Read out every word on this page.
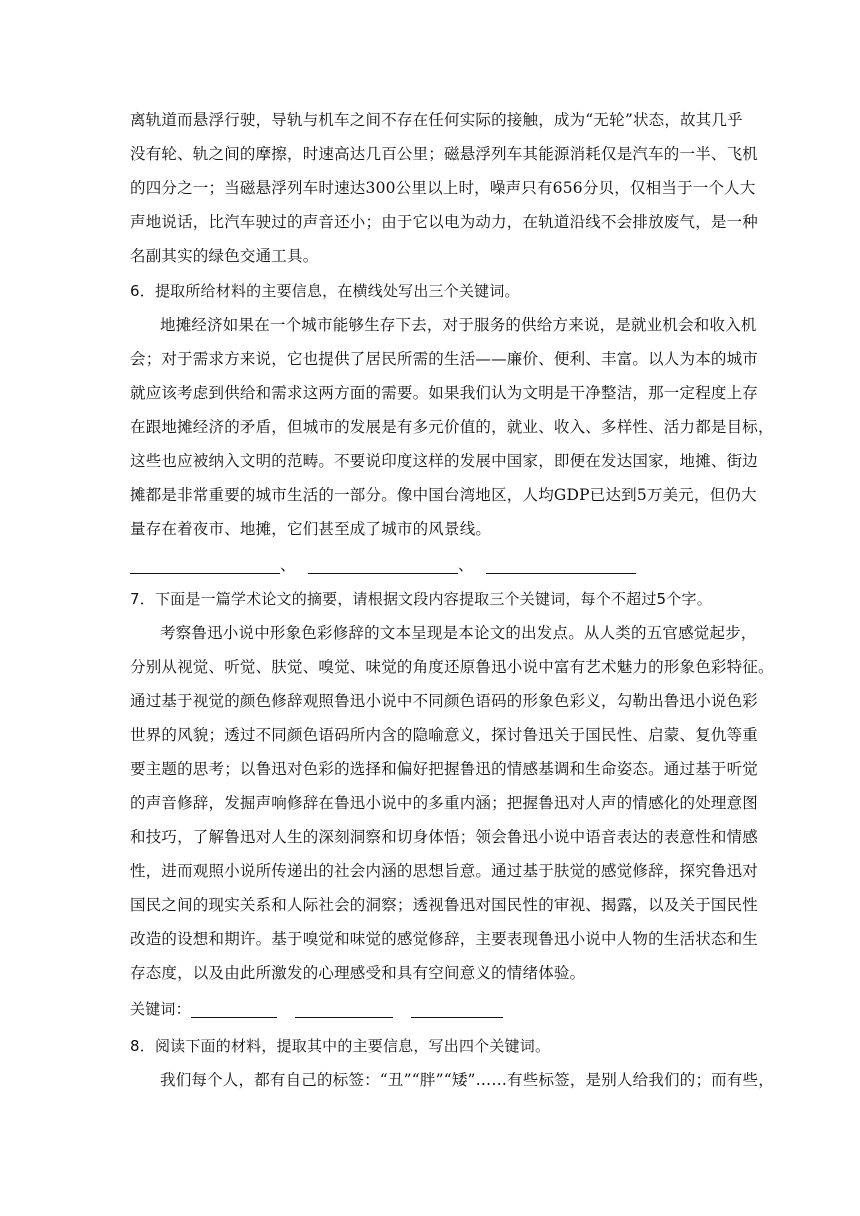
离轨道而悬浮行驶，导轨与机车之间不存在任何实际的接触，成为“无轮”状态，故其几乎
没有轮、轨之间的摩擦，时速高达几百公里；磁悬浮列车其能源消耗仅是汽车的一半、飞机
的四分之一；当磁悬浮列车时速达300公里以上时，噪声只有656分贝，仅相当于一个人大
声地说话，比汽车驶过的声音还小；由于它以电为动力，在轨道沿线不会排放废气，是一种
名副其实的绿色交通工具。
6．提取所给材料的主要信息，在横线处写出三个关键词。
地摊经济如果在一个城市能够生存下去，对于服务的供给方来说，是就业机会和收入机
会；对于需求方来说，它也提供了居民所需的生活——廉价、便利、丰富。以人为本的城市
就应该考虑到供给和需求这两方面的需要。如果我们认为文明是干净整洁，那一定程度上存
在跟地摊经济的矛盾，但城市的发展是有多元价值的，就业、收入、多样性、活力都是目标，
这些也应被纳入文明的范畴。不要说印度这样的发展中国家，即便在发达国家，地摊、街边
摊都是非常重要的城市生活的一部分。像中国台湾地区，人均GDP已达到5万美元，但仍大
量存在着夜市、地摊，它们甚至成了城市的风景线。
、	、
7．下面是一篇学术论文的摘要，请根据文段内容提取三个关键词，每个不超过5个字。
考察鲁迅小说中形象色彩修辞的文本呈现是本论文的出发点。从人类的五官感觉起步，
分别从视觉、听觉、肤觉、嗅觉、味觉的角度还原鲁迅小说中富有艺术魅力的形象色彩特征。
通过基于视觉的颜色修辞观照鲁迅小说中不同颜色语码的形象色彩义，勾勒出鲁迅小说色彩
世界的风貌；透过不同颜色语码所内含的隐喻意义，探讨鲁迅关于国民性、启蒙、复仇等重
要主题的思考；以鲁迅对色彩的选择和偏好把握鲁迅的情感基调和生命姿态。通过基于听觉
的声音修辞，发掘声响修辞在鲁迅小说中的多重内涵；把握鲁迅对人声的情感化的处理意图
和技巧，了解鲁迅对人生的深刻洞察和切身体悟；领会鲁迅小说中语音表达的表意性和情感
性，进而观照小说所传递出的社会内涵的思想旨意。通过基于肤觉的感觉修辞，探究鲁迅对
国民之间的现实关系和人际社会的洞察；透视鲁迅对国民性的审视、揭露，以及关于国民性
改造的设想和期许。基于嗅觉和味觉的感觉修辞，主要表现鲁迅小说中人物的生活状态和生
存态度，以及由此所激发的心理感受和具有空间意义的情绪体验。
关键词：
8．阅读下面的材料，提取其中的主要信息，写出四个关键词。
我们每个人，都有自己的标签：“丑”“胖”“矮”……有些标签，是别人给我们的；而有些，
